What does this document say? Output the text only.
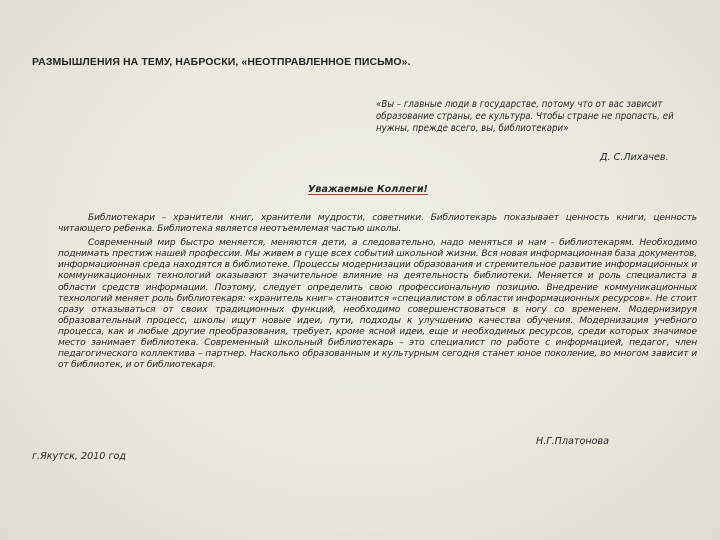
РАЗМЫШЛЕНИЯ НА ТЕМУ, НАБРОСКИ, «НЕОТПРАВЛЕННОЕ ПИСЬМО».
«Вы – главные люди в государстве, потому что от вас зависит образование страны, ее культура. Чтобы стране не пропасть, ей нужны, прежде всего, вы, библиотекари»
Д. С.Лихачев.
Уважаемые Коллеги!

Библиотекари – хранители книг, хранители мудрости, советники. Библиотекарь показывает ценность книги, ценность читающего ребенка. Библиотека является неотъемлемая частью школы.

Современный мир быстро меняется, меняются дети, а следовательно, надо меняться и нам - библиотекарям. Необходимо поднимать престиж нашей профессии. Мы живем в гуще всех событий школьной жизни. Вся новая информационная база документов, информационная среда находятся в библиотеке. Процессы модернизации образования и стремительное развитие информационных и коммуникационных технологий оказывают значительное влияние на деятельность библиотеки. Меняется и роль специалиста в области средств информации. Поэтому, следует определить свою профессиональную позицию. Внедрение коммуникационных технологий меняет роль библиотекаря: «хранитель книг» становится «специалистом в области информационных ресурсов». Не стоит сразу отказываться от своих традиционных функций, необходимо совершенствоваться в ногу со временем. Модернизируя образовательный процесс, школы ищут новые идеи, пути, подходы к улучшению качества обучения. Модернизация учебного процесса, как и любые другие преобразования, требует, кроме ясной идеи, еще и необходимых ресурсов, среди которых значимое место занимает библиотека. Современный школьный библиотекарь – это специалист по работе с информацией, педагог, член педагогического коллектива – партнер. Насколько образованным и культурным сегодня станет юное поколение, во многом зависит и от библиотек, и от библиотекаря.

Н.Г.Платонова
г.Якутск, 2010 год
